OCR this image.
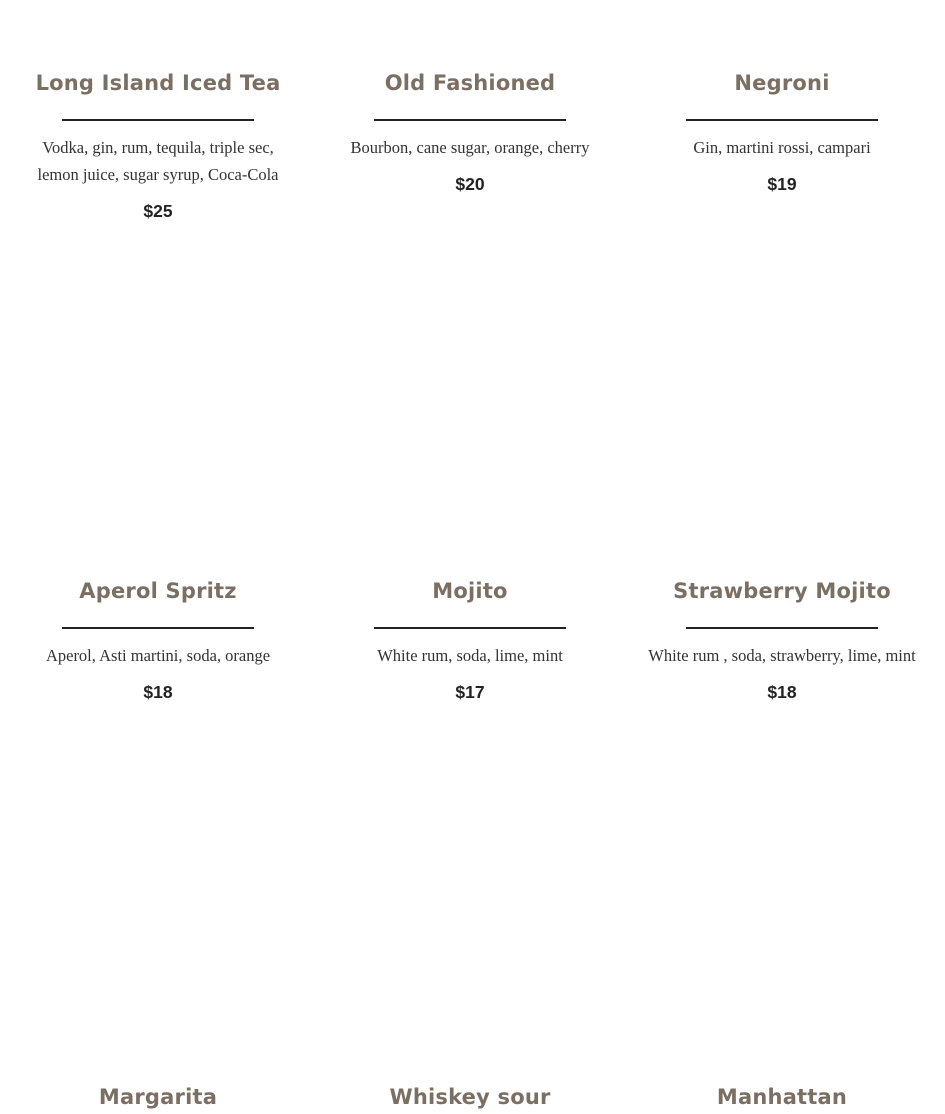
Long Island Iced Tea
Vodka, gin, rum, tequila, triple sec, lemon juice, sugar syrup, Coca-Cola
$25
Old Fashioned
Bourbon, cane sugar, orange, cherry
$20
Negroni
Gin, martini rossi, campari
$19
Aperol Spritz
Aperol, Asti martini, soda, orange
$18
Mojito
White rum, soda, lime, mint
$17
Strawberry Mojito
White rum , soda, strawberry, lime, mint
$18
Margarita	Whiskey sour	Manhattan
